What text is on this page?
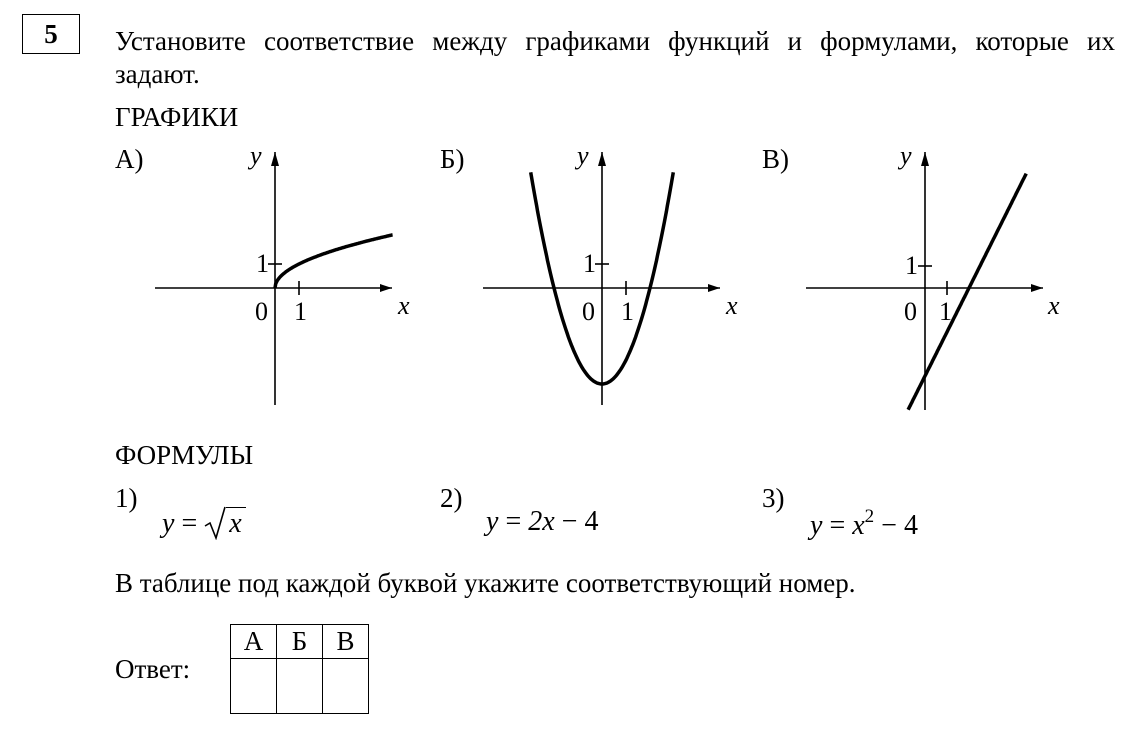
5	Установите соответствие между графиками функций и формулами, которые их задают.
ГРАФИКИ
А)	y
x
0 1
1
Б)	y
x
0 1
1
В)	y
x
0 1
1
ФОРМУЛЫ
1)
y = x
2)
y = 2x − 4
3)
$y = x^2 - 4$
В таблице под каждой буквой укажите соответствующий номер.
Ответ:
А	Б	В
